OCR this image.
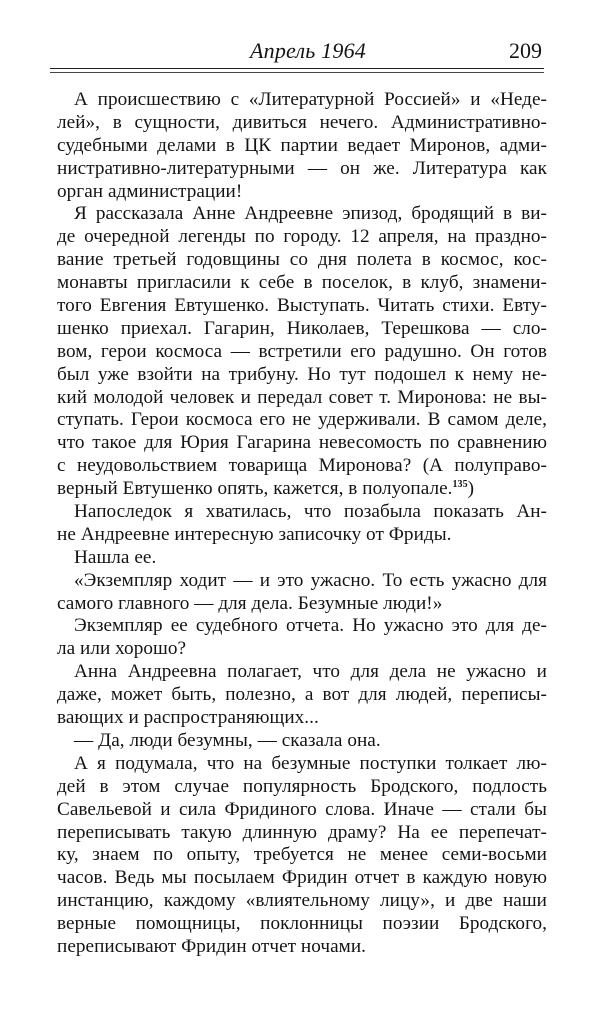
Апрель 1964	209
А происшествию с «Литературной Россией» и «Неде-
лей», в сущности, дивиться нечего. Административно-
судебными делами в ЦК партии ведает Миронов, адми-
нистративно-литературными — он же. Литература как
орган администрации!
Я рассказала Анне Андреевне эпизод, бродящий в ви-
де очередной легенды по городу. 12 апреля, на праздно-
вание третьей годовщины со дня полета в космос, кос-
монавты пригласили к себе в поселок, в клуб, знамени-
того Евгения Евтушенко. Выступать. Читать стихи. Евту-
шенко приехал. Гагарин, Николаев, Терешкова — сло-
вом, герои космоса — встретили его радушно. Он готов
был уже взойти на трибуну. Но тут подошел к нему не-
кий молодой человек и передал совет т. Миронова: не вы-
ступать. Герои космоса его не удерживали. В самом деле,
что такое для Юрия Гагарина невесомость по сравнению
с неудовольствием товарища Миронова? (А полуправо-
верный Евтушенко опять, кажется, в полуопале.$^{135}$)
Напоследок я хватилась, что позабыла показать Ан-
не Андреевне интересную записочку от Фриды.
Нашла ее.
«Экземпляр ходит — и это ужасно. То есть ужасно для
самого главного — для дела. Безумные люди!»
Экземпляр ее судебного отчета. Но ужасно это для де-
ла или хорошо?
Анна Андреевна полагает, что для дела не ужасно и
даже, может быть, полезно, а вот для людей, переписы-
вающих и распространяющих...
— Да, люди безумны, — сказала она.
А я подумала, что на безумные поступки толкает лю-
дей в этом случае популярность Бродского, подлость
Савельевой и сила Фридиного слова. Иначе — стали бы
переписывать такую длинную драму? На ее перепечат-
ку, знаем по опыту, требуется не менее семи-восьми
часов. Ведь мы посылаем Фридин отчет в каждую новую
инстанцию, каждому «влиятельному лицу», и две наши
верные помощницы, поклонницы поэзии Бродского,
переписывают Фридин отчет ночами.
